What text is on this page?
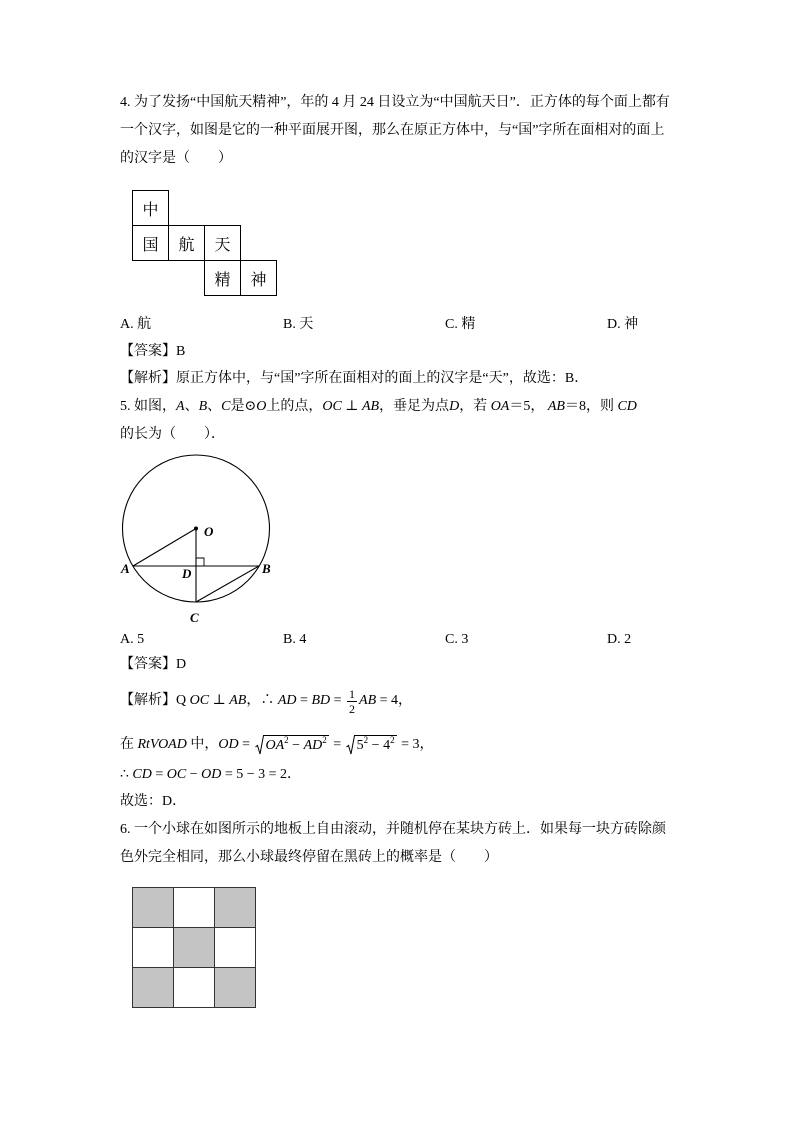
4. 为了发扬“中国航天精神”，年的 4 月 24 日设立为“中国航天日”．正方体的每个面上都有
一个汉字，如图是它的一种平面展开图，那么在原正方体中，与“国”字所在面相对的面上
的汉字是（　　）
中
国	航	天
精	神
A. 航	B. 天	C. 精	D. 神
【答案】B
【解析】原正方体中，与“国”字所在面相对的面上的汉字是“天”，故选：B．
5. 如图， A 、 B 、 C 是⊙ O 上的点， OC ⊥ AB ，垂足为点 D ，若 OA ＝5， AB ＝8，则 CD
的长为（　　）．
O
A	B
D
C
A. 5	B. 4	C. 3	D. 2
【答案】D
【解析】 Q OC ⊥ AB ，∴ AD = BD = $\frac{1}{2}$ AB = 4，
在 RtVOAD 中， OD = OA 2 − AD 2 = 5 2 − 4 2 = 3，
∴ CD = OC − OD = 5 − 3 = 2．
故选：D．
6. 一个小球在如图所示的地板上自由滚动，并随机停在某块方砖上．如果每一块方砖除颜
色外完全相同，那么小球最终停留在黑砖上的概率是（　　）
